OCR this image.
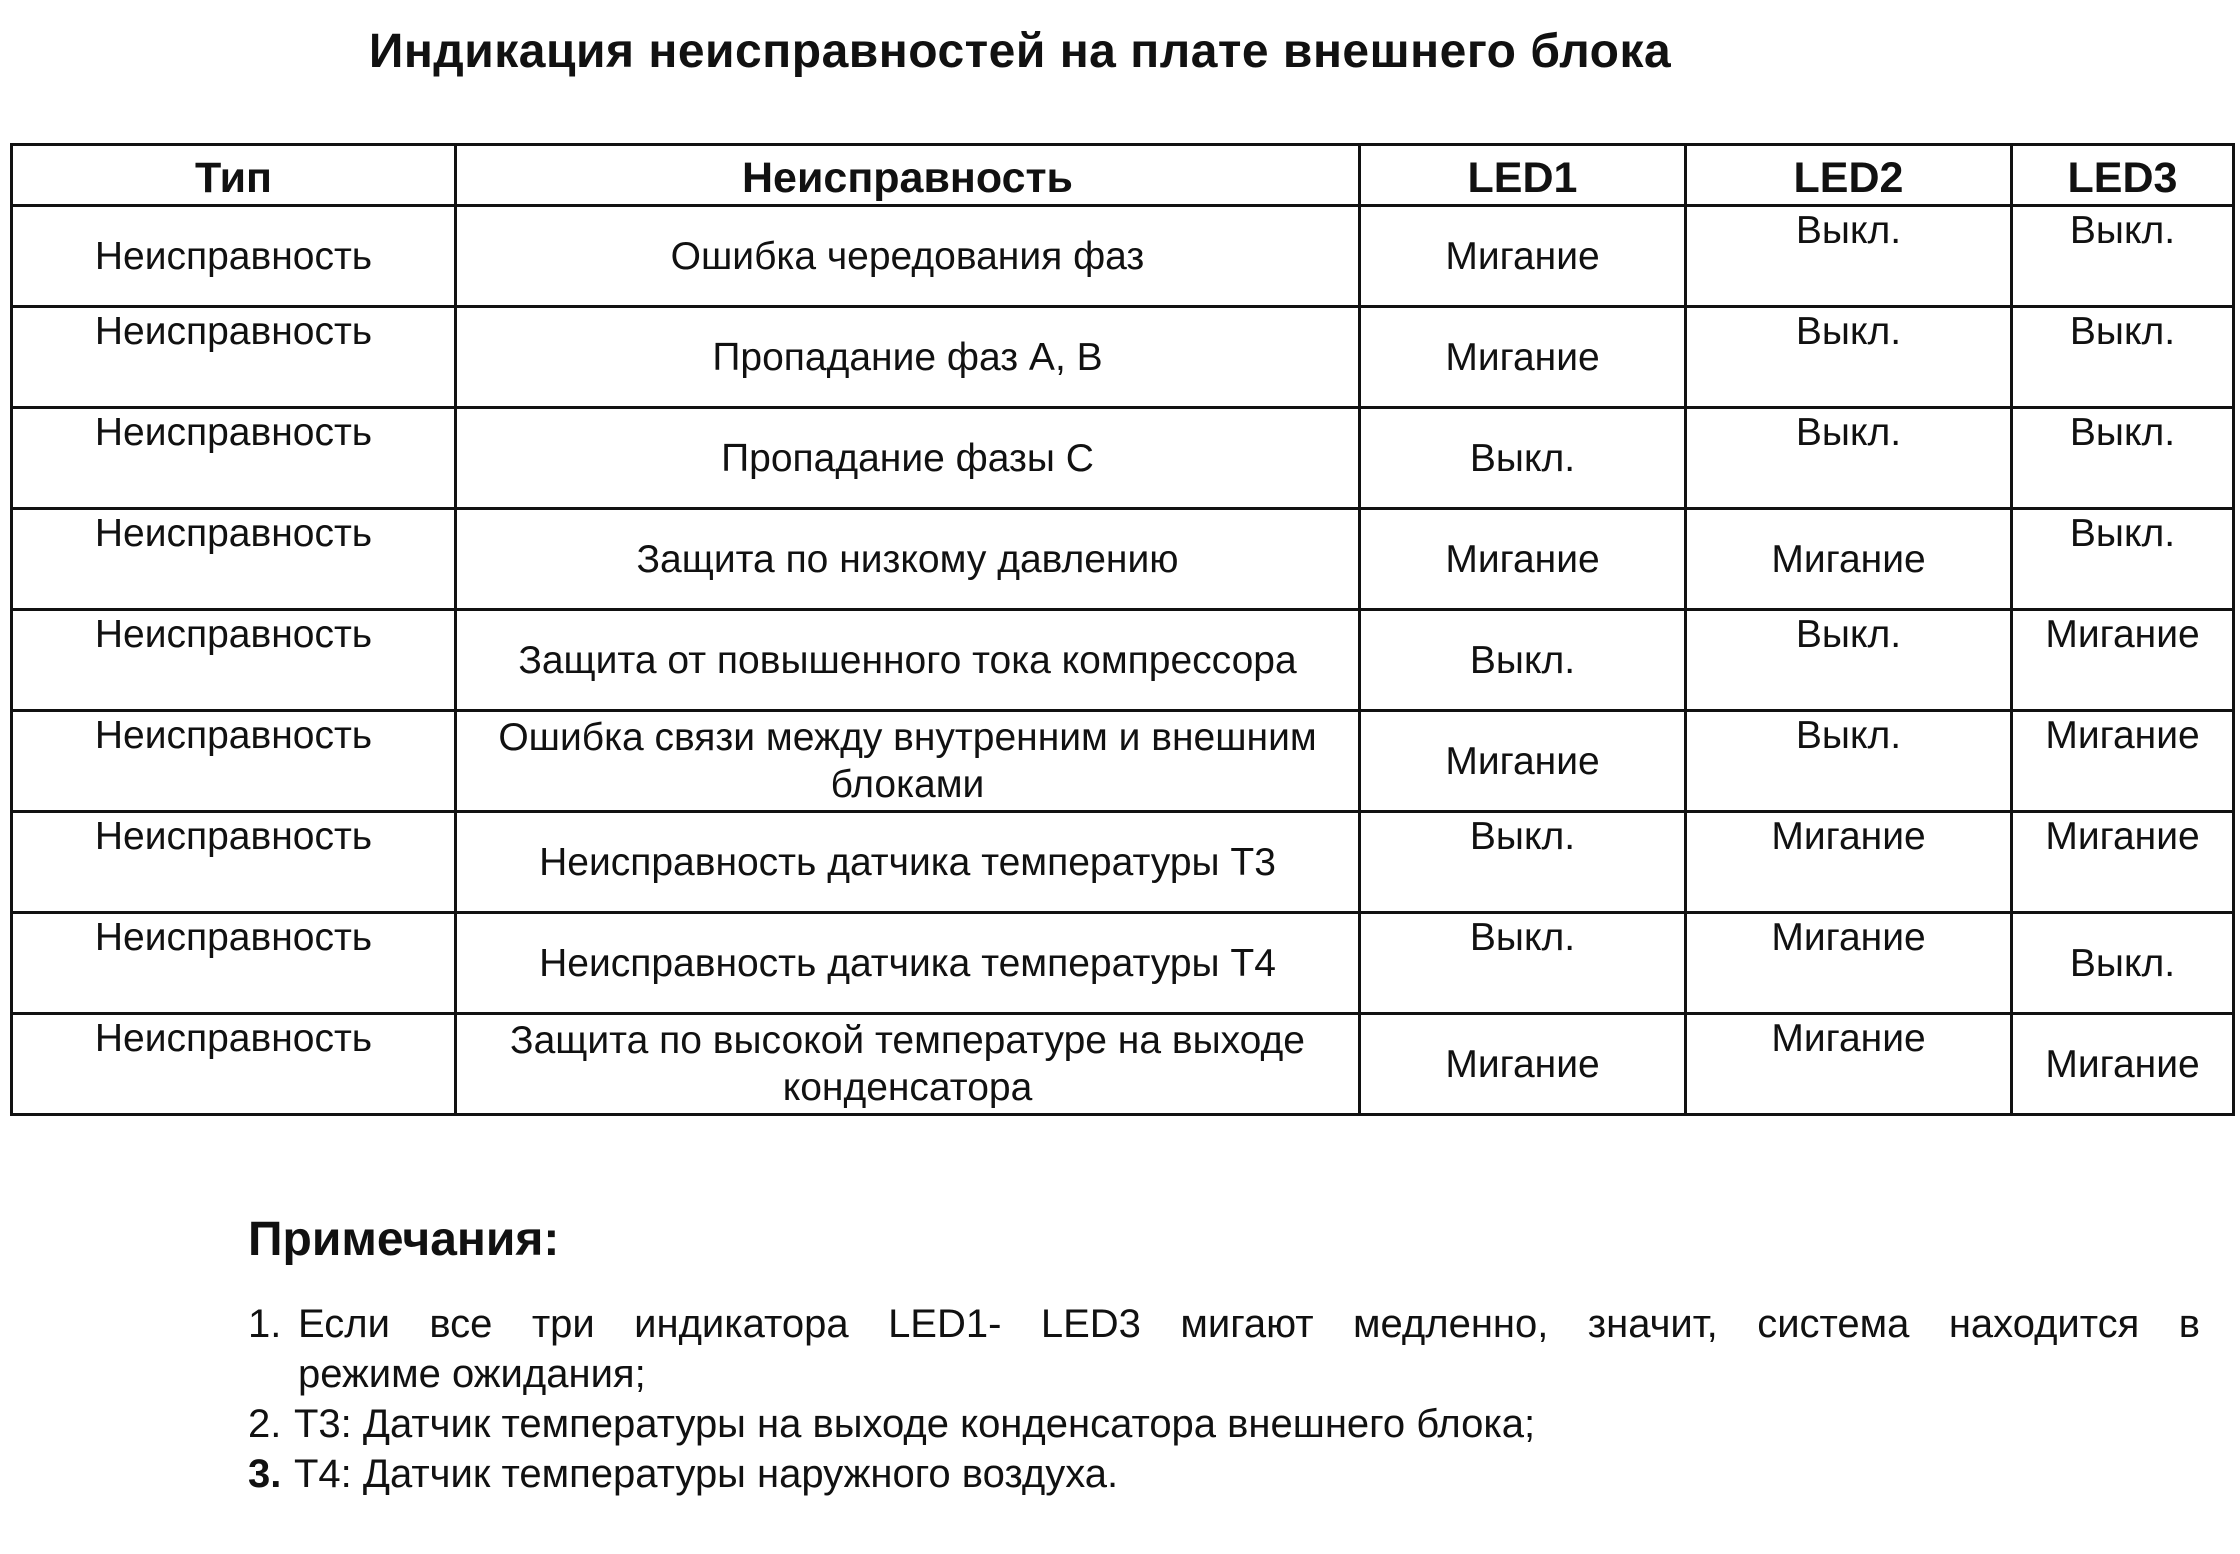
Индикация неисправностей на плате внешнего блока
Тип	Неисправность	LED1	LED2	LED3
Неисправность	Ошибка чередования фаз	Мигание	Выкл.	Выкл.
Неисправность	Пропадание фаз А, В	Мигание	Выкл.	Выкл.
Неисправность	Пропадание фазы С	Выкл.	Выкл.	Выкл.
Неисправность	Защита по низкому давлению	Мигание	Мигание	Выкл.
Неисправность	Защита от повышенного тока компрессора	Выкл.	Выкл.	Мигание
Неисправность	Ошибка связи между внутренним и внешним блоками	Мигание	Выкл.	Мигание
Неисправность	Неисправность датчика температуры Т3	Выкл.	Мигание	Мигание
Неисправность	Неисправность датчика температуры Т4	Выкл.	Мигание	Выкл.
Неисправность	Защита по высокой температуре на выходе конденсатора	Мигание	Мигание	Мигание
Примечания:
1. Если все три индикатора LED1- LED3 мигают медленно, значит, система находится в
режиме ожидания;
2. Т3: Датчик температуры на выходе конденсатора внешнего блока;
3. Т4: Датчик температуры наружного воздуха.
